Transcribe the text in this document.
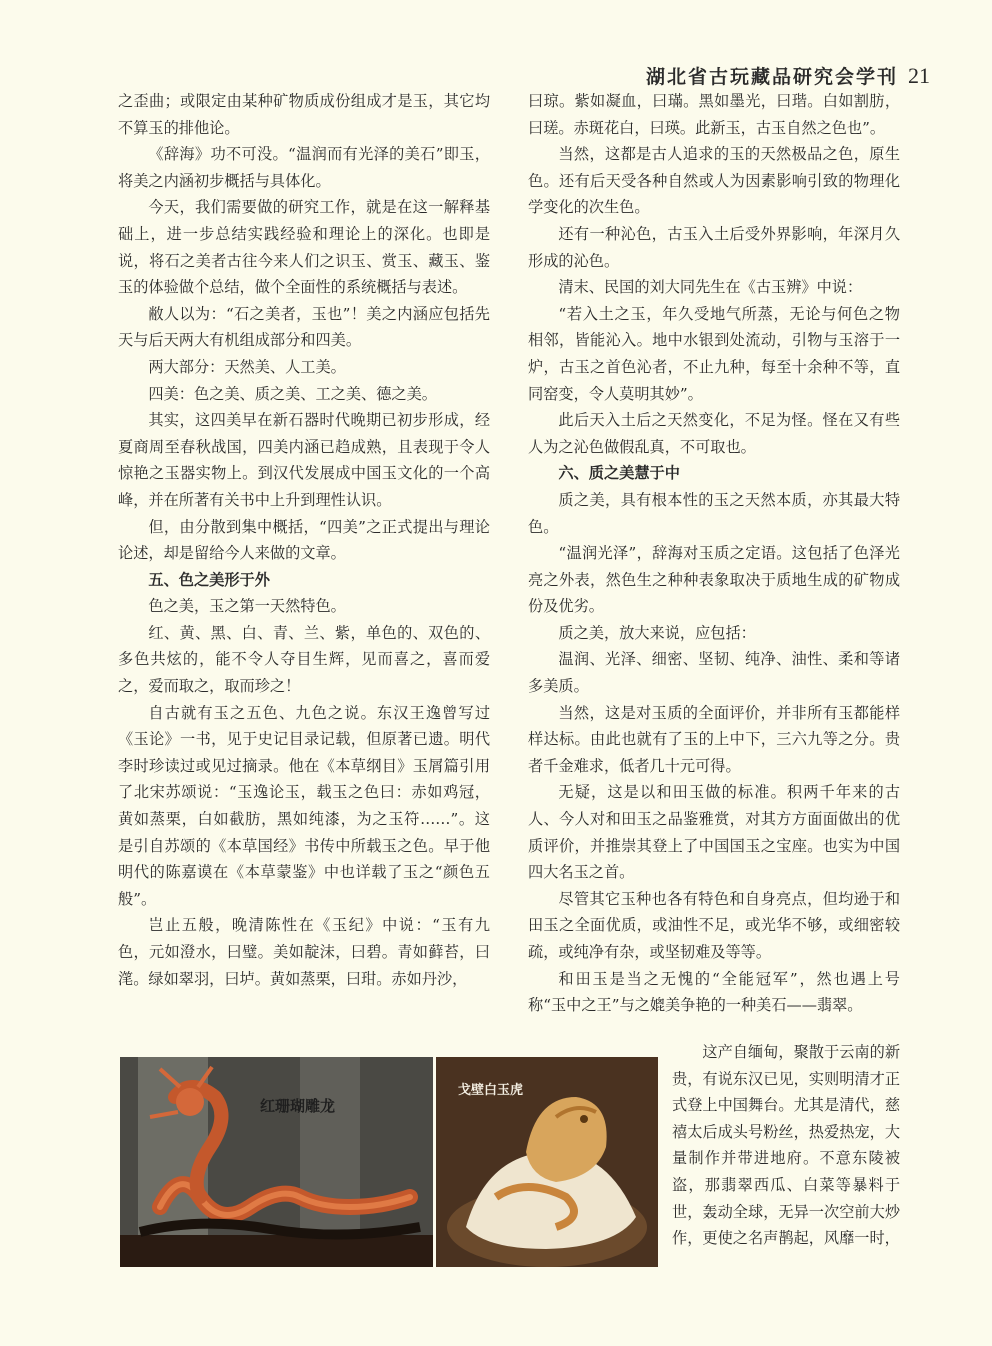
湖北省古玩藏品研究会学刊 21

之歪曲；或限定由某种矿物质成份组成才是玉，其它均不算玉的排他论。

《辞海》功不可没。“温润而有光泽的美石”即玉，将美之内涵初步概括与具体化。

今天，我们需要做的研究工作，就是在这一解释基础上，进一步总结实践经验和理论上的深化。也即是说，将石之美者古往今来人们之识玉、赏玉、藏玉、鉴玉的体验做个总结，做个全面性的系统概括与表述。

敝人以为：“石之美者，玉也”！美之内涵应包括先天与后天两大有机组成部分和四美。

两大部分：天然美、人工美。

四美：色之美、质之美、工之美、德之美。

其实，这四美早在新石器时代晚期已初步形成，经夏商周至春秋战国，四美内涵已趋成熟，且表现于令人惊艳之玉器实物上。到汉代发展成中国玉文化的一个高峰，并在所著有关书中上升到理性认识。

但，由分散到集中概括，“四美”之正式提出与理论论述，却是留给今人来做的文章。

五、色之美形于外

色之美，玉之第一天然特色。

红、黄、黑、白、青、兰、紫，单色的、双色的、多色共炫的，能不令人夺目生辉，见而喜之，喜而爱之，爱而取之，取而珍之！

自古就有玉之五色、九色之说。东汉王逸曾写过《玉论》一书，见于史记目录记载，但原著已遗。明代李时珍读过或见过摘录。他在《本草纲目》玉屑篇引用了北宋苏颂说：“玉逸论玉，载玉之色曰：赤如鸡冠，黄如蒸栗，白如截肪，黑如纯漆，为之玉符……”。这是引自苏颂的《本草国经》书传中所载玉之色。早于他明代的陈嘉谟在《本草蒙鉴》中也详载了玉之“颜色五般”。

岂止五般，晚清陈性在《玉纪》中说：“玉有九色，元如澄水，曰璧。美如靛沫，曰碧。青如藓苔，曰滗。绿如翠羽，曰垆。黄如蒸栗，曰玵。赤如丹沙，

曰琼。紫如凝血，曰璊。黑如墨光，曰瑎。白如割肪，曰瑳。赤斑花白，曰瑛。此新玉，古玉自然之色也”。

当然，这都是古人追求的玉的天然极品之色，原生色。还有后天受各种自然或人为因素影响引致的物理化学变化的次生色。

还有一种沁色，古玉入土后受外界影响，年深月久形成的沁色。

清末、民国的刘大同先生在《古玉辨》中说：

“若入土之玉，年久受地气所蒸，无论与何色之物相邻，皆能沁入。地中水银到处流动，引物与玉溶于一炉，古玉之首色沁者，不止九种，每至十余种不等，直同窑变，令人莫明其妙”。

此后天入土后之天然变化，不足为怪。怪在又有些人为之沁色做假乱真，不可取也。

六、质之美慧于中

质之美，具有根本性的玉之天然本质，亦其最大特色。

“温润光泽”，辞海对玉质之定语。这包括了色泽光亮之外表，然色生之种种表象取决于质地生成的矿物成份及优劣。

质之美，放大来说，应包括：

温润、光泽、细密、坚韧、纯净、油性、柔和等诸多美质。

当然，这是对玉质的全面评价，并非所有玉都能样样达标。由此也就有了玉的上中下，三六九等之分。贵者千金难求，低者几十元可得。

无疑，这是以和田玉做的标准。积两千年来的古人、今人对和田玉之品鉴雅赏，对其方方面面做出的优质评价，并推崇其登上了中国国玉之宝座。也实为中国四大名玉之首。

尽管其它玉种也各有特色和自身亮点，但均逊于和田玉之全面优质，或油性不足，或光华不够，或细密较疏，或纯净有杂，或坚韧难及等等。

和田玉是当之无愧的“全能冠军”，然也遇上号称“玉中之王”与之媲美争艳的一种美石——翡翠。

这产自缅甸，聚散于云南的新贵，有说东汉已见，实则明清才正式登上中国舞台。尤其是清代，慈禧太后成头号粉丝，热爱热宠，大量制作并带进地府。不意东陵被盗，那翡翠西瓜、白菜等暴料于世，轰动全球，无异一次空前大炒作，更使之名声鹊起，风靡一时，

红珊瑚雕龙
戈壁白玉虎
